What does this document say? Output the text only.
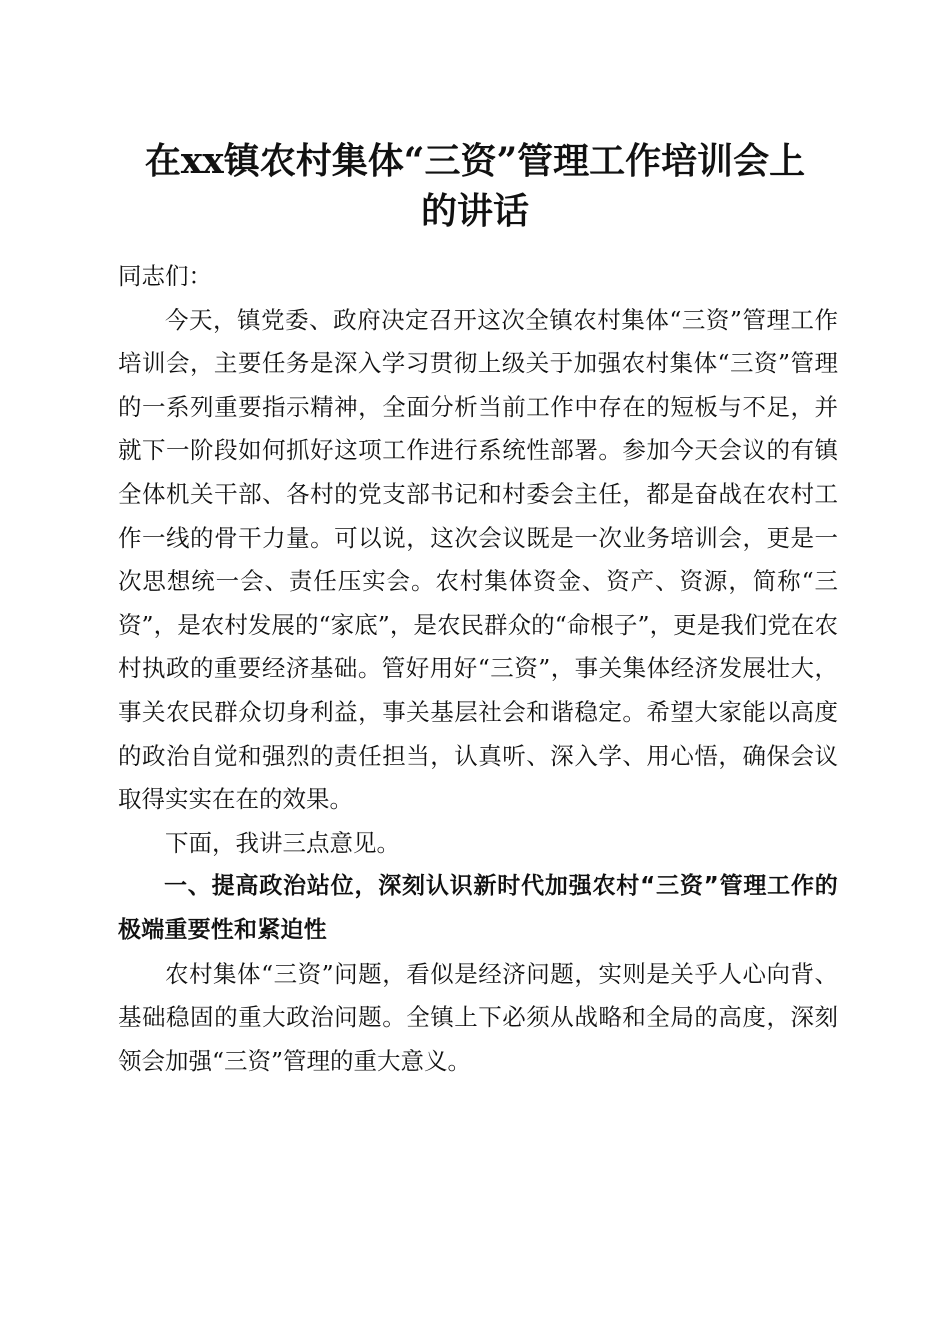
在xx镇农村集体“三资”管理工作培训会上
的讲话

同志们：

今天，镇党委、政府决定召开这次全镇农村集体“三资”管理工作培训会，主要任务是深入学习贯彻上级关于加强农村集体“三资”管理的一系列重要指示精神，全面分析当前工作中存在的短板与不足，并就下一阶段如何抓好这项工作进行系统性部署。参加今天会议的有镇全体机关干部、各村的党支部书记和村委会主任，都是奋战在农村工作一线的骨干力量。可以说，这次会议既是一次业务培训会，更是一次思想统一会、责任压实会。农村集体资金、资产、资源，简称“三资”，是农村发展的“家底”，是农民群众的“命根子”，更是我们党在农村执政的重要经济基础。管好用好“三资”，事关集体经济发展壮大，事关农民群众切身利益，事关基层社会和谐稳定。希望大家能以高度的政治自觉和强烈的责任担当，认真听、深入学、用心悟，确保会议取得实实在在的效果。

下面，我讲三点意见。

一、提高政治站位，深刻认识新时代加强农村“三资”管理工作的极端重要性和紧迫性

农村集体“三资”问题，看似是经济问题，实则是关乎人心向背、基础稳固的重大政治问题。全镇上下必须从战略和全局的高度，深刻领会加强“三资”管理的重大意义。
